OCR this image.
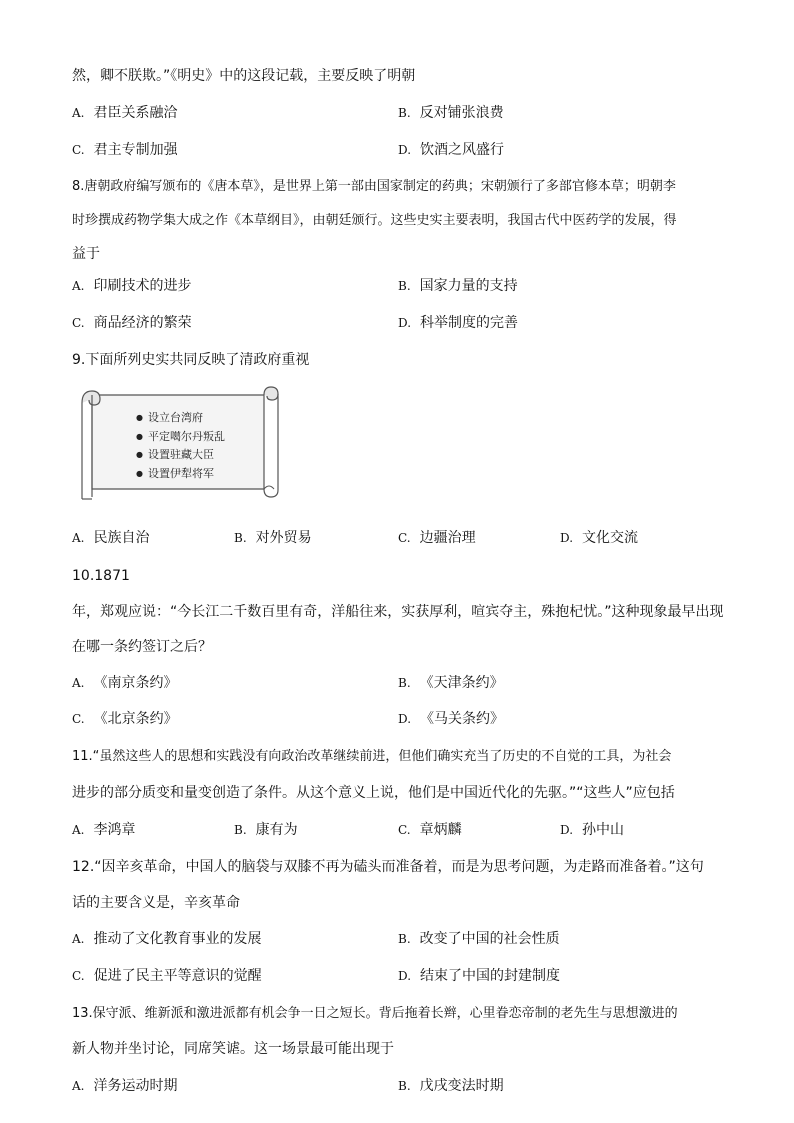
然，卿不朕欺。”《明史》中的这段记载，主要反映了明朝
A. 君臣关系融洽	B. 反对铺张浪费
C. 君主专制加强	D. 饮酒之风盛行
8.唐朝政府编写颁布的《唐本草》，是世界上第一部由国家制定的药典；宋朝颁行了多部官修本草；明朝李
时珍撰成药物学集大成之作《本草纲目》，由朝廷颁行。这些史实主要表明，我国古代中医药学的发展，得
益于
A. 印刷技术的进步	B. 国家力量的支持
C. 商品经济的繁荣	D. 科举制度的完善
9.下面所列史实共同反映了清政府重视
● 设立台湾府
● 平定噶尔丹叛乱
● 设置驻藏大臣
● 设置伊犁将军
A. 民族自治	B. 对外贸易	C. 边疆治理	D. 文化交流
10.1871
年，郑观应说：“今长江二千数百里有奇，洋船往来，实获厚利，喧宾夺主，殊抱杞忧。”这种现象最早出现
在哪一条约签订之后？
A. 《南京条约》	B. 《天津条约》
C. 《北京条约》	D. 《马关条约》
11.“虽然这些人的思想和实践没有向政治改革继续前进，但他们确实充当了历史的不自觉的工具，为社会
进步的部分质变和量变创造了条件。从这个意义上说，他们是中国近代化的先驱。”“这些人”应包括
A. 李鸿章	B. 康有为	C. 章炳麟	D. 孙中山
12.“因辛亥革命，中国人的脑袋与双膝不再为磕头而准备着，而是为思考问题，为走路而准备着。”这句
话的主要含义是，辛亥革命
A. 推动了文化教育事业的发展	B. 改变了中国的社会性质
C. 促进了民主平等意识的觉醒	D. 结束了中国的封建制度
13.保守派、维新派和激进派都有机会争一日之短长。背后拖着长辫，心里眷恋帝制的老先生与思想激进的
新人物并坐讨论，同席笑谑。这一场景最可能出现于
A. 洋务运动时期	B. 戊戌变法时期
